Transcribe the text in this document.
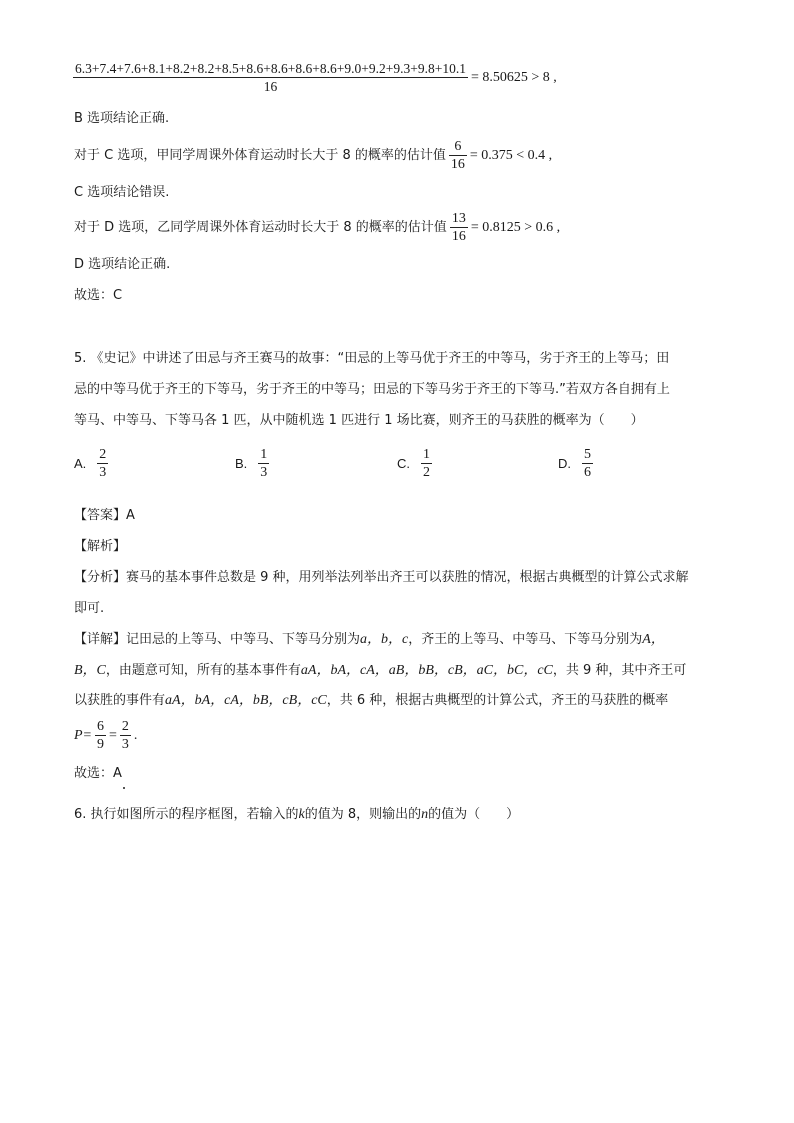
6.3+7.4+7.6+8.1+8.2+8.2+8.5+8.6+8.6+8.6+8.6+9.0+9.2+9.3+9.8+10.1
16
= 8.50625 > 8 ,
B 选项结论正确.
对于 C 选项，甲同学周课外体育运动时长大于 8 的概率的估计值 $\frac{6}{16} = 0.375 < 0.4$ ,
C 选项结论错误.
对于 D 选项，乙同学周课外体育运动时长大于 8 的概率的估计值 $\frac{13}{16} = 0.8125 > 0.6$ ,
D 选项结论正确.
故选：C
5. 《史记》中讲述了田忌与齐王赛马的故事：“田忌的上等马优于齐王的中等马，劣于齐王的上等马；田
忌的中等马优于齐王的下等马，劣于齐王的中等马；田忌的下等马劣于齐王的下等马.”若双方各自拥有上
等马、中等马、下等马各 1 匹，从中随机选 1 匹进行 1 场比赛，则齐王的马获胜的概率为（　　）
A. $\frac{2}{3}$	B. $\frac{1}{3}$	C. $\frac{1}{2}$	D. $\frac{5}{6}$
【答案】A
【解析】
【分析】赛马的基本事件总数是 9 种，用列举法列举出齐王可以获胜的情况，根据古典概型的计算公式求解
即可.
【详解】记田忌的上等马、中等马、下等马分别为a，b，c，齐王的上等马、中等马、下等马分别为A，
B，C，由题意可知，所有的基本事件有aA，bA，cA，aB，bB，cB，aC，bC，cC，共 9 种，其中齐王可
以获胜的事件有aA，bA，cA，bB，cB，cC，共 6 种，根据古典概型的计算公式，齐王的马获胜的概率
$P= \frac{6}{9} = \frac{2}{3}$ .
故选：A
6. 执行如图所示的程序框图，若输入的k的值为 8，则输出的n的值为（　　）
